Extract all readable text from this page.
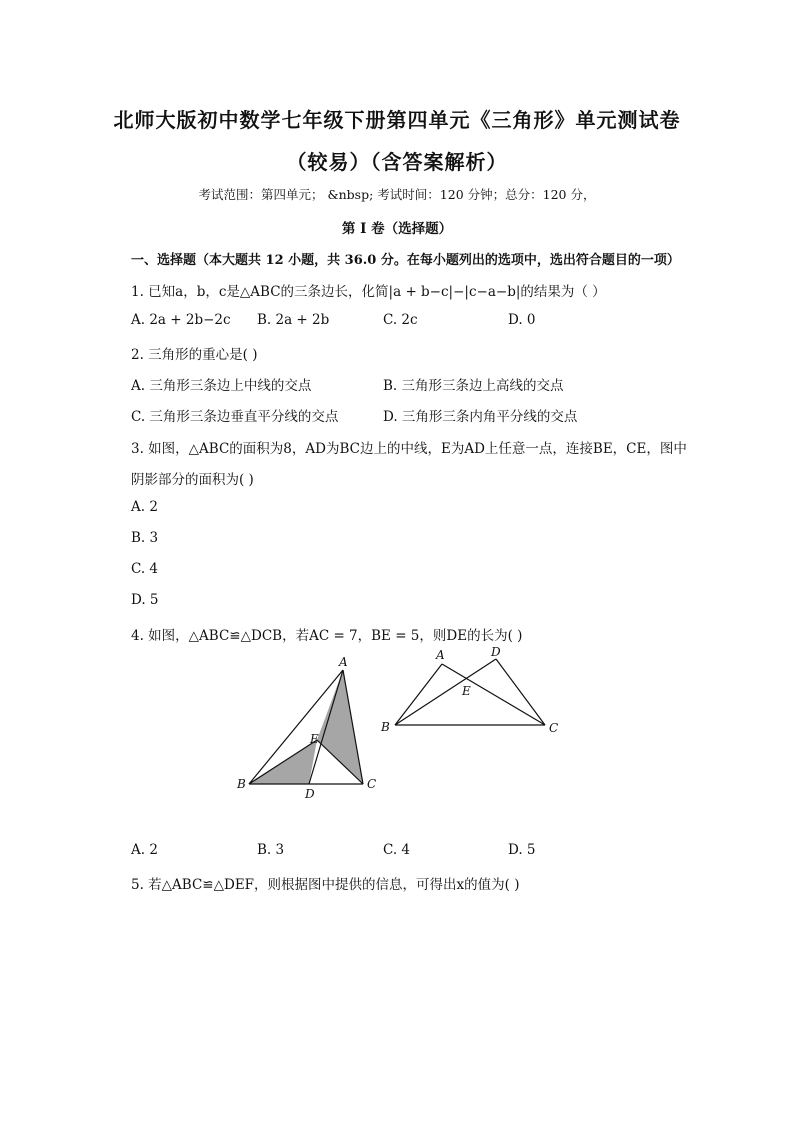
北师大版初中数学七年级下册第四单元《三角形》单元测试卷
（较易）（含答案解析）
考试范围：第四单元； &nbsp; 考试时间：120 分钟；总分：120 分，
第 I 卷（选择题）
一、选择题（本大题共 12 小题，共 36.0 分。在每小题列出的选项中，选出符合题目的一项）
1. 已知a，b，c是△ABC的三条边长，化简|a + b−c|−|c−a−b|的结果为（ ）
A. 2a + 2b−2c B. 2a + 2b	C. 2c	D. 0
2. 三角形的重心是( )
A. 三角形三条边上中线的交点	B. 三角形三条边上高线的交点
C. 三角形三条边垂直平分线的交点	D. 三角形三条内角平分线的交点
3. 如图，△ABC的面积为8，AD为BC边上的中线，E为AD上任意一点，连接BE，CE，图中
阴影部分的面积为( )
A. 2
B. 3
C. 4
D. 5
4. 如图，△ABC≌△DCB，若AC = 7，BE = 5，则DE的长为( )
A
B	C
D
E
A	D
E
B	C
A. 2	B. 3	C. 4	D. 5
5. 若△ABC≌△DEF，则根据图中提供的信息，可得出x的值为( )
